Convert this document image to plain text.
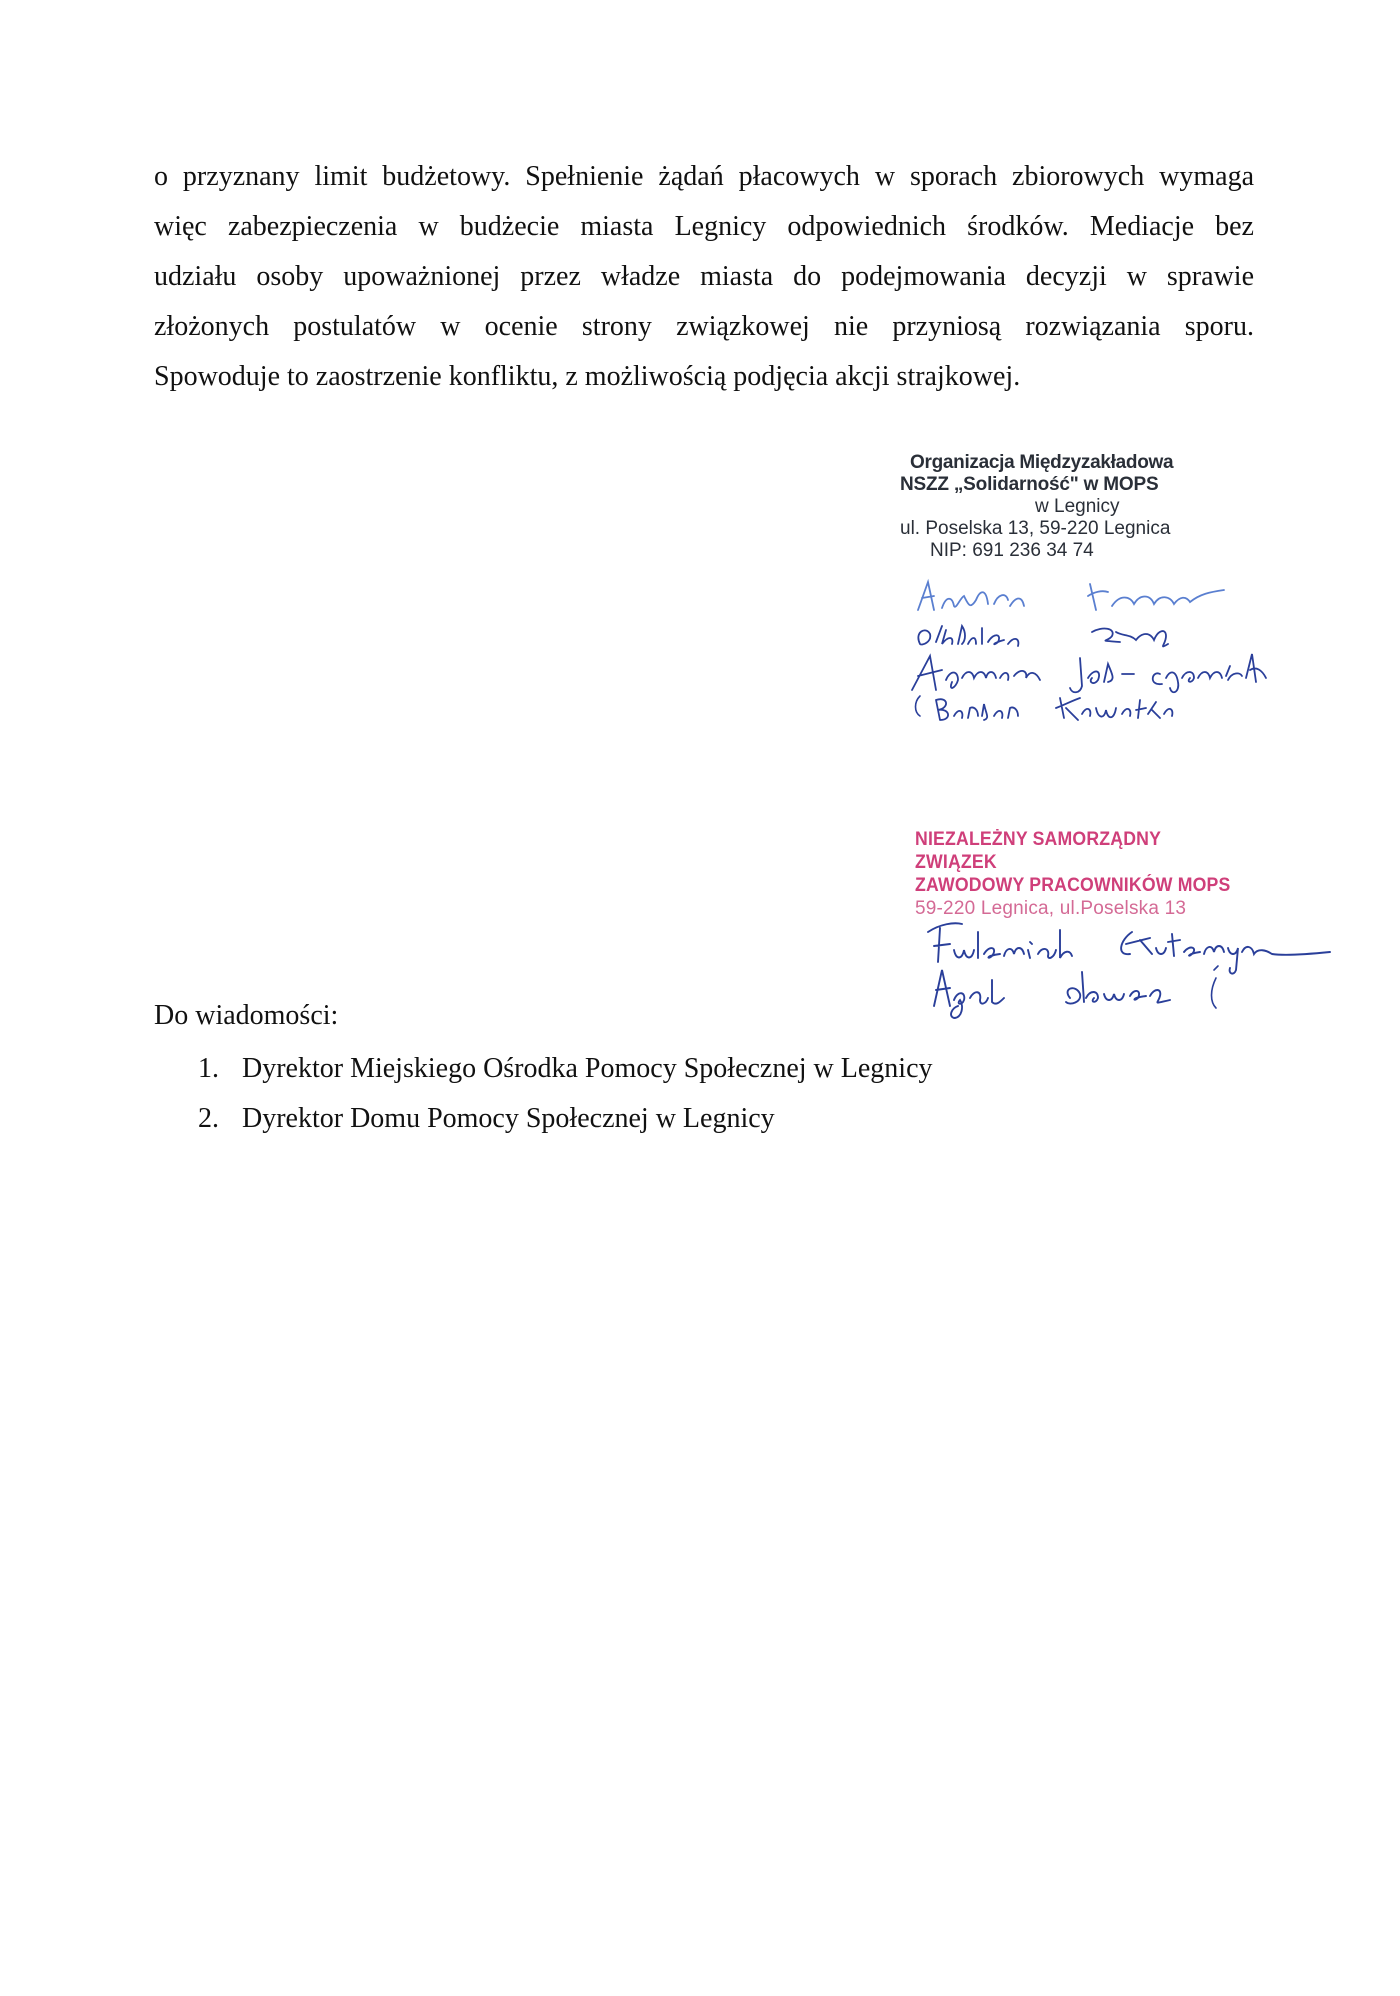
o przyznany limit budżetowy. Spełnienie żądań płacowych w sporach zbiorowych wymaga
więc zabezpieczenia w budżecie miasta Legnicy odpowiednich środków. Mediacje bez
udziału osoby upoważnionej przez władze miasta do podejmowania decyzji w sprawie
złożonych postulatów w ocenie strony związkowej nie przyniosą rozwiązania sporu.
Spowoduje to zaostrzenie konfliktu, z możliwością podjęcia akcji strajkowej.

Organizacja Międzyzakładowa
NSZZ „Solidarność" w MOPS
w Legnicy
ul. Poselska 13, 59-220 Legnica
NIP: 691 236 34 74
NIEZALEŻNY SAMORZĄDNY ZWIĄZEK
ZAWODOWY PRACOWNIKÓW MOPS
59-220 Legnica, ul.Poselska 13

Do wiadomości:

1. Dyrektor Miejskiego Ośrodka Pomocy Społecznej w Legnicy
2. Dyrektor Domu Pomocy Społecznej w Legnicy
